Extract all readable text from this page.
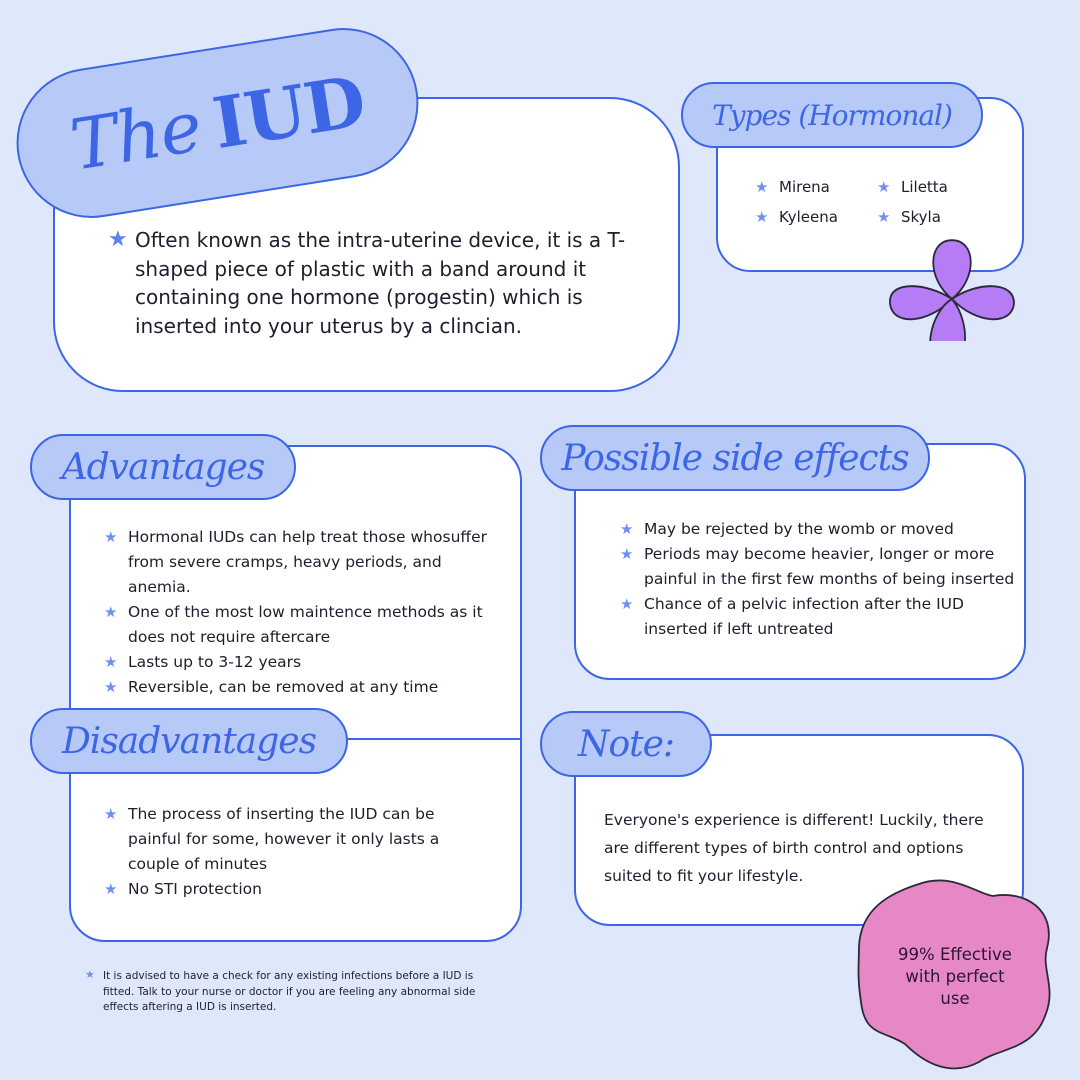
The IUD
★ Often known as the intra-uterine device, it is a T-shaped piece of plastic with a band around it containing one hormone (progestin) which is inserted into your uterus by a clincian.

Types (Hormonal)
★ Mirena	★ Liletta
★ Kyleena	★ Skyla
Advantages
★ Hormonal IUDs can help treat those whosuffer from severe cramps, heavy periods, and anemia.
★ One of the most low maintence methods as it does not require aftercare
★ Lasts up to 3-12 years
★ Reversible, can be removed at any time
Disadvantages
★ The process of inserting the IUD can be painful for some, however it only lasts a couple of minutes
★ No STI protection
Possible side effects
★ May be rejected by the womb or moved
★ Periods may become heavier, longer or more painful in the first few months of being inserted
★ Chance of a pelvic infection after the IUD inserted if left untreated
Note:

Everyone's experience is different! Luckily, there are different types of birth control and options suited to fit your lifestyle.

99% Effective with perfect use
★ It is advised to have a check for any existing infections before a IUD is fitted. Talk to your nurse or doctor if you are feeling any abnormal side effects aftering a IUD is inserted.
